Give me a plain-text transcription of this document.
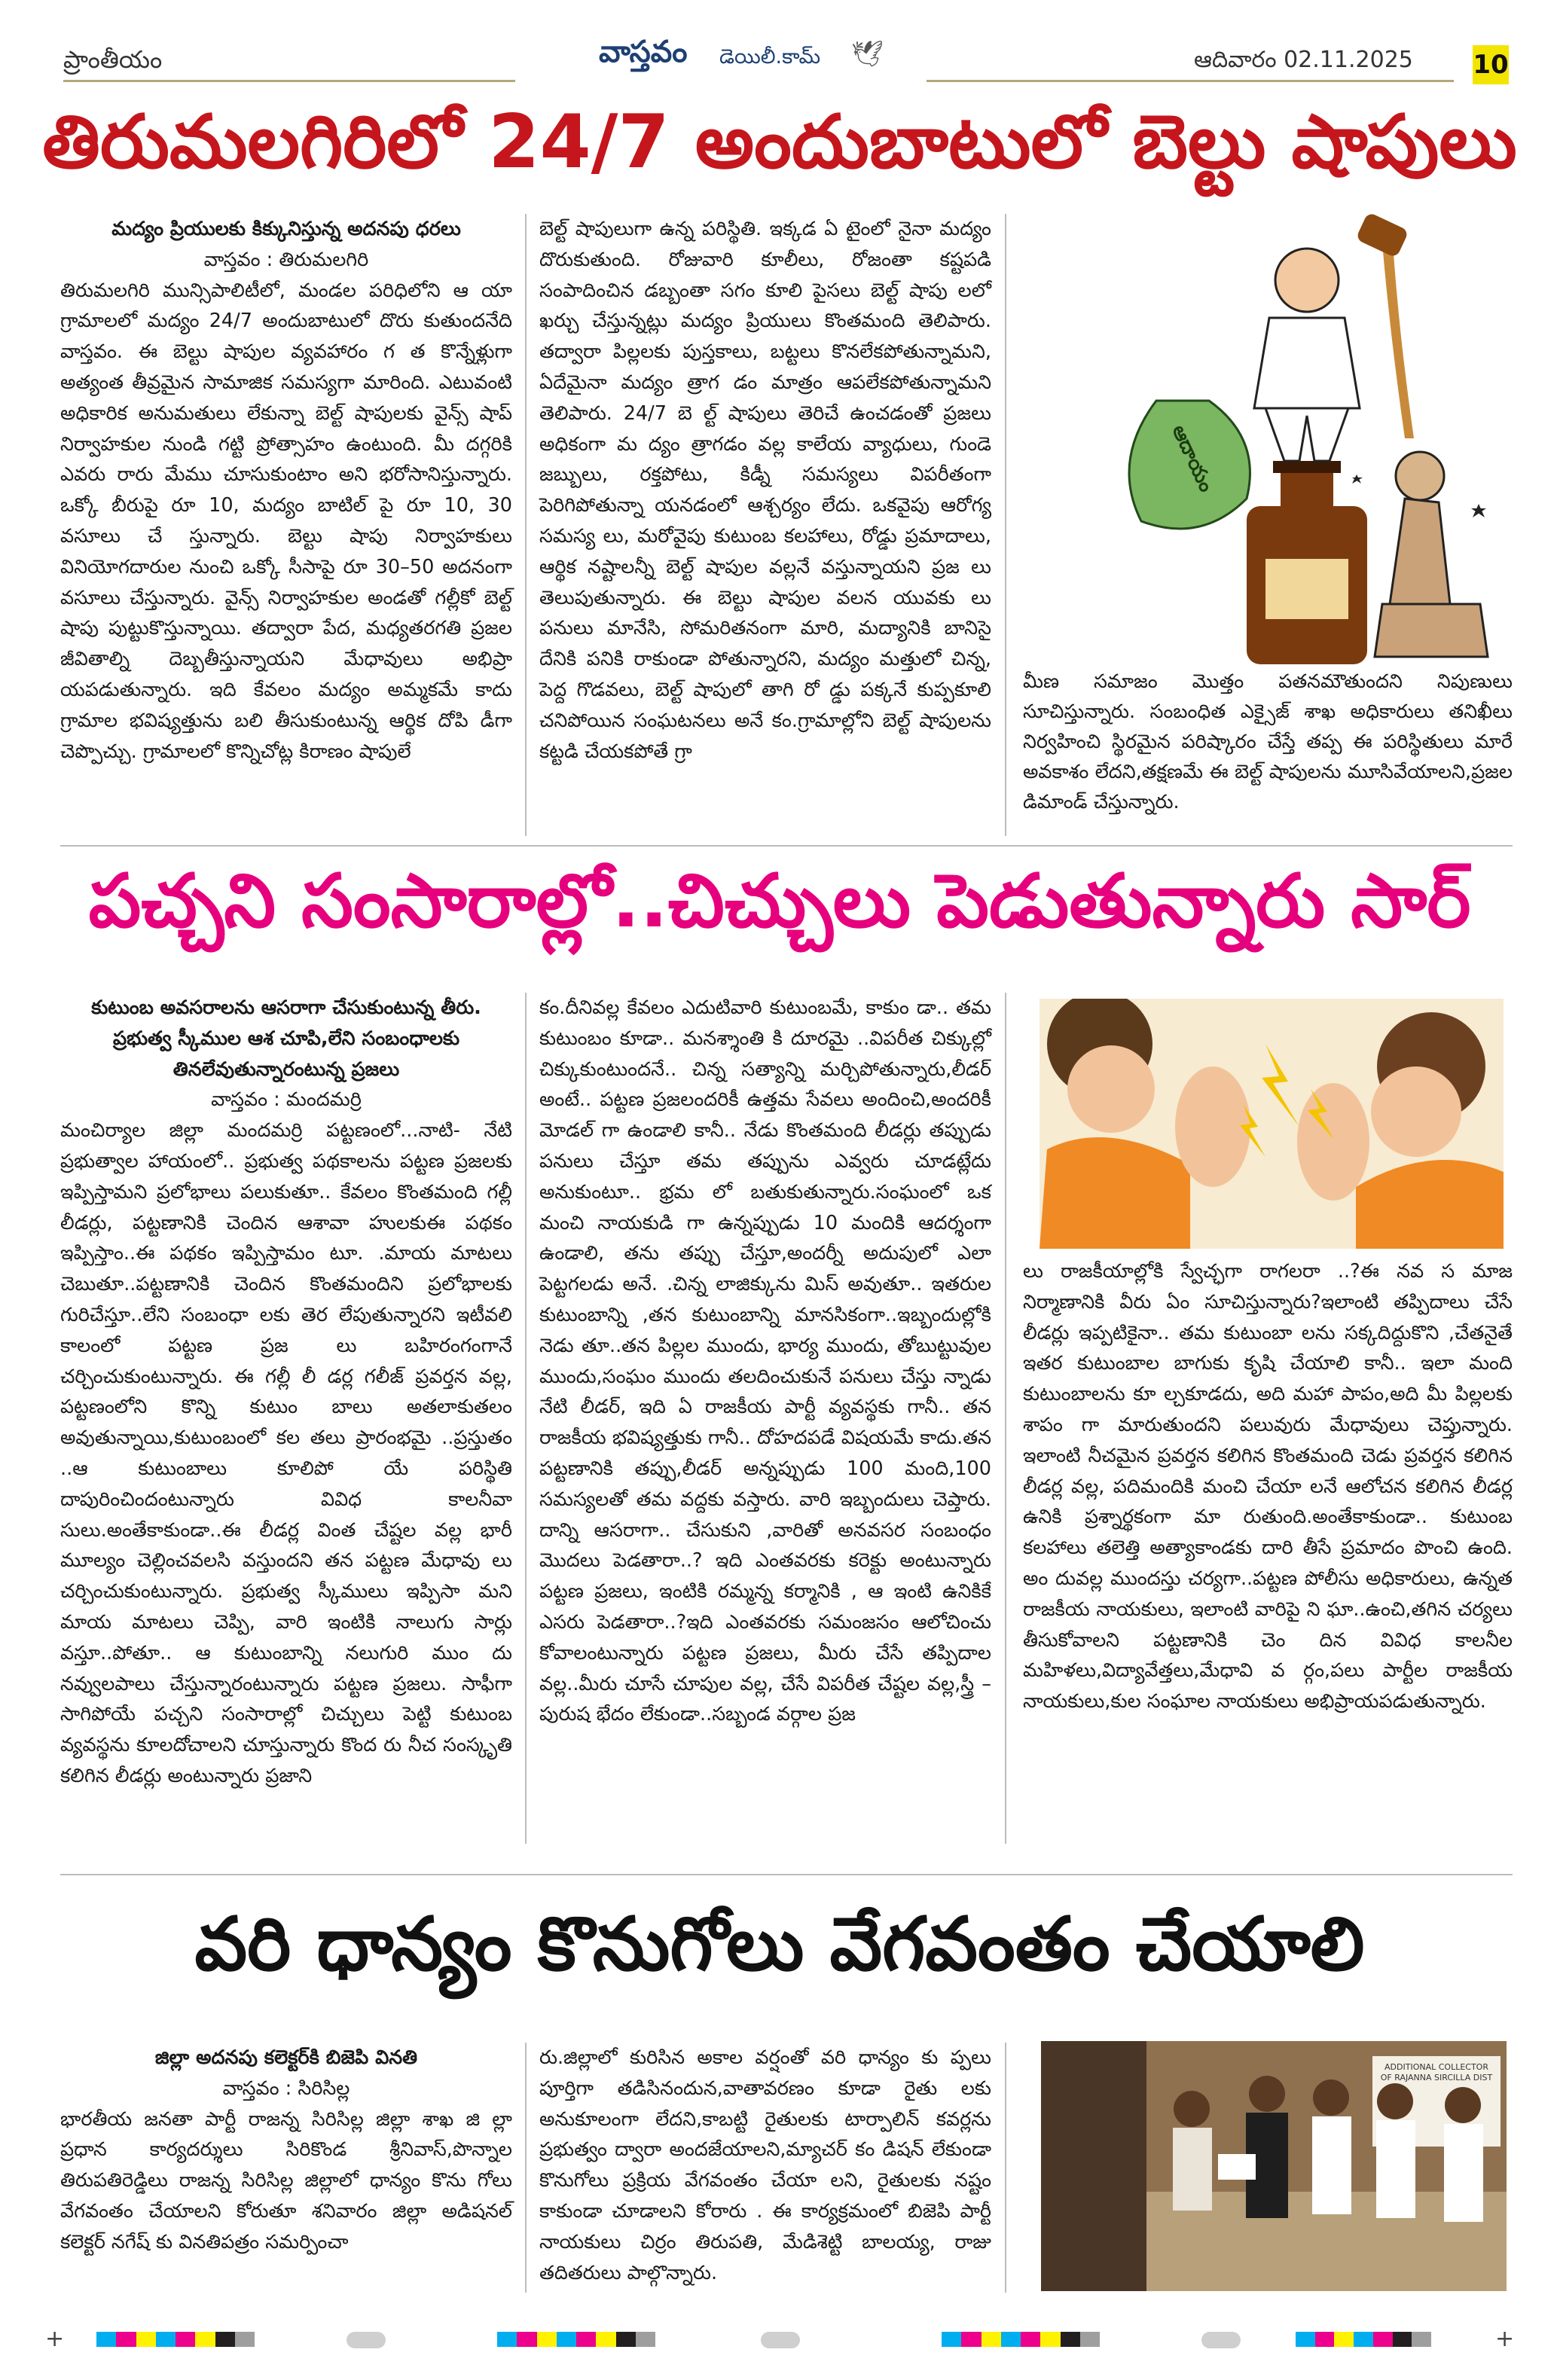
ప్రాంతీయం	వాస్తవం డెయిలీ.కామ్ 🕊	ఆదివారం 02.11.2025 10
తిరుమలగిరిలో 24/7 అందుబాటులో బెల్టు షాపులు

మద్యం ప్రియులకు కిక్కునిస్తున్న అదనపు ధరలు

వాస్తవం : తిరుమలగిరి

తిరుమలగిరి మున్సిపాలిటీలో, మండల పరిధిలోని ఆ యా గ్రామాలలో మద్యం 24/7 అందుబాటులో దొరు కుతుందనేది వాస్తవం. ఈ బెల్టు షాపుల వ్యవహారం గ త కొన్నేళ్లుగా అత్యంత తీవ్రమైన సామాజిక సమస్యగా మారింది. ఎటువంటి అధికారిక అనుమతులు లేకున్నా బెల్ట్ షాపులకు వైన్స్ షాప్ నిర్వాహకుల నుండి గట్టి ప్రోత్సాహం ఉంటుంది. మీ దగ్గరికి ఎవరు రారు మేము చూసుకుంటాం అని భరోసానిస్తున్నారు. ఒక్కో బీరుపై రూ 10, మద్యం బాటిల్ పై రూ 10, 30 వసూలు చే స్తున్నారు. బెల్టు షాపు నిర్వాహకులు వినియోగదారుల నుంచి ఒక్కో సీసాపై రూ 30–50 అదనంగా వసూలు చేస్తున్నారు. వైన్స్ నిర్వాహకుల అండతో గల్లీకో బెల్ట్ షాపు పుట్టుకొస్తున్నాయి. తద్వారా పేద, మధ్యతరగతి ప్రజల జీవితాల్ని దెబ్బతీస్తున్నాయని మేధావులు అభిప్రా యపడుతున్నారు. ఇది కేవలం మద్యం అమ్మకమే కాదు గ్రామాల భవిష్యత్తును బలి తీసుకుంటున్న ఆర్థిక దోపి డీగా చెప్పొచ్చు. గ్రామాలలో కొన్నిచోట్ల కిరాణం షాపులే

బెల్ట్ షాపులుగా ఉన్న పరిస్థితి. ఇక్కడ ఏ టైంలో నైనా మద్యం దొరుకుతుంది. రోజువారి కూలీలు, రోజంతా కష్టపడి సంపాదించిన డబ్బంతా సగం కూలి పైసలు బెల్ట్ షాపు లలో ఖర్చు చేస్తున్నట్లు మద్యం ప్రియులు కొంతమంది తెలిపారు. తద్వారా పిల్లలకు పుస్తకాలు, బట్టలు కొనలేకపోతున్నామని, ఏదేమైనా మద్యం త్రాగ డం మాత్రం ఆపలేకపోతున్నామని తెలిపారు. 24/7 బె ల్ట్ షాపులు తెరిచే ఉంచడంతో ప్రజలు అధికంగా మ ద్యం త్రాగడం వల్ల కాలేయ వ్యాధులు, గుండె జబ్బులు, రక్తపోటు, కిడ్నీ సమస్యలు విపరీతంగా పెరిగిపోతున్నా యనడంలో ఆశ్చర్యం లేదు. ఒకవైపు ఆరోగ్య సమస్య లు, మరోవైపు కుటుంబ కలహాలు, రోడ్డు ప్రమాదాలు, ఆర్థిక నష్టాలన్నీ బెల్ట్ షాపుల వల్లనే వస్తున్నాయని ప్రజ లు తెలుపుతున్నారు. ఈ బెల్టు షాపుల వలన యువకు లు పనులు మానేసి, సోమరితనంగా మారి, మద్యానికి బానిసై దేనికి పనికి రాకుండా పోతున్నారని, మద్యం మత్తులో చిన్న, పెద్ద గొడవలు, బెల్ట్ షాపులో తాగి రో డ్డు పక్కనే కుప్పకూలి చనిపోయిన సంఘటనలు అనే కం.గ్రామాల్లోని బెల్ట్ షాపులను కట్టడి చేయకపోతే గ్రా

ఆదాయం
మీణ సమాజం మొత్తం పతనమౌతుందని నిపుణులు సూచిస్తున్నారు. సంబంధిత ఎక్సైజ్ శాఖ అధికారులు తనిఖీలు నిర్వహించి స్థిరమైన పరిష్కారం చేస్తే తప్ప ఈ పరిస్థితులు మారే అవకాశం లేదని,తక్షణమే ఈ బెల్ట్ షాపులను మూసివేయాలని,ప్రజల డిమాండ్ చేస్తున్నారు.
పచ్చని సంసారాల్లో..చిచ్చులు పెడుతున్నారు సార్

కుటుంబ అవసరాలను ఆసరాగా చేసుకుంటున్న తీరు.

ప్రభుత్వ స్కీముల ఆశ చూపి,లేని సంబంధాలకు

తినలేవుతున్నారంటున్న ప్రజలు

వాస్తవం : మందమర్రి

మంచిర్యాల జిల్లా మందమర్రి పట్టణంలో...నాటి- నేటి ప్రభుత్వాల హాయంలో.. ప్రభుత్వ పథకాలను పట్టణ ప్రజలకు ఇప్పిస్తామని ప్రలోభాలు పలుకుతూ.. కేవలం కొంతమంది గల్లీ లీడర్లు, పట్టణానికి చెందిన ఆశావా హులకుఈ పథకం ఇప్పిస్తాం..ఈ పథకం ఇప్పిస్తామం టూ. .మాయ మాటలు చెబుతూ..పట్టణానికి చెందిన కొంతమందిని ప్రలోభాలకు గురిచేస్తూ..లేని సంబంధా లకు తెర లేపుతున్నారని ఇటీవలి కాలంలో పట్టణ ప్రజ లు బహిరంగంగానే చర్చించుకుంటున్నారు. ఈ గల్లీ లీ డర్ల గలీజ్ ప్రవర్తన వల్ల, పట్టణంలోని కొన్ని కుటుం బాలు అతలాకుతలం అవుతున్నాయి,కుటుంబంలో కల తలు ప్రారంభమై ..ప్రస్తుతం ..ఆ కుటుంబాలు కూలిపో యే పరిస్థితి దాపురించిందంటున్నారు వివిధ కాలనీవా సులు.అంతేకాకుండా..ఈ లీడర్ల వింత చేష్టల వల్ల భారీ మూల్యం చెల్లించవలసి వస్తుందని తన పట్టణ మేధావు లు చర్చించుకుంటున్నారు. ప్రభుత్వ స్కీములు ఇప్పిసా మని మాయ మాటలు చెప్పి, వారి ఇంటికి నాలుగు సార్లు వస్తూ..పోతూ.. ఆ కుటుంబాన్ని నలుగురి ముం దు నవ్వులపాలు చేస్తున్నారంటున్నారు పట్టణ ప్రజలు. సాఫీగా సాగిపోయే పచ్చని సంసారాల్లో చిచ్చులు పెట్టి కుటుంబ వ్యవస్థను కూలదోచాలని చూస్తున్నారు కొంద రు నీచ సంస్కృతి కలిగిన లీడర్లు అంటున్నారు ప్రజాని

కం.దీనివల్ల కేవలం ఎదుటివారి కుటుంబమే, కాకుం డా.. తమ కుటుంబం కూడా.. మనశ్శాంతి కి దూరమై ..విపరీత చిక్కుల్లో చిక్కుకుంటుందనే.. చిన్న సత్యాన్ని మర్చిపోతున్నారు,లీడర్ అంటే.. పట్టణ ప్రజలందరికీ ఉత్తమ సేవలు అందించి,అందరికీ మోడల్ గా ఉండాలి కానీ.. నేడు కొంతమంది లీడర్లు తప్పుడు పనులు చేస్తూ తమ తప్పును ఎవ్వరు చూడట్లేదు అనుకుంటూ.. భ్రమ లో బతుకుతున్నారు.సంఘంలో ఒక మంచి నాయకుడి గా ఉన్నప్పుడు 10 మందికి ఆదర్శంగా ఉండాలి, తను తప్పు చేస్తూ,అందర్నీ అదుపులో ఎలా పెట్టగలడు అనే. .చిన్న లాజిక్కును మిస్ అవుతూ.. ఇతరుల కుటుంబాన్ని ,తన కుటుంబాన్ని మానసికంగా..ఇబ్బందుల్లోకి నెడు తూ..తన పిల్లల ముందు, భార్య ముందు, తోబుట్టువుల ముందు,సంఘం ముందు తలదించుకునే పనులు చేస్తు న్నాడు నేటి లీడర్, ఇది ఏ రాజకీయ పార్టీ వ్యవస్థకు గానీ.. తన రాజకీయ భవిష్యత్తుకు గానీ.. దోహదపడే విషయమే కాదు.తన పట్టణానికి తప్పు,లీడర్ అన్నప్పుడు 100 మంది,100 సమస్యలతో తమ వద్దకు వస్తారు. వారి ఇబ్బందులు చెప్తారు. దాన్ని ఆసరాగా.. చేసుకుని ,వారితో అనవసర సంబంధం మొదలు పెడతారా..? ఇది ఎంతవరకు కరెక్టు అంటున్నారు పట్టణ ప్రజలు, ఇంటికి రమ్మన్న కర్మానికి , ఆ ఇంటి ఉనికికే ఎసరు పెడతారా..?ఇది ఎంతవరకు సమంజసం ఆలోచించు కోవాలంటున్నారు పట్టణ ప్రజలు, మీరు చేసే తప్పిదాల వల్ల..మీరు చూసే చూపుల వల్ల, చేసే విపరీత చేష్టల వల్ల,స్త్రీ –పురుష భేదం లేకుండా..సబ్బండ వర్గాల ప్రజ

లు రాజకీయాల్లోకి స్వేచ్ఛగా రాగలరా ..?ఈ నవ స మాజ నిర్మాణానికి వీరు ఏం సూచిస్తున్నారు?ఇలాంటి తప్పిదాలు చేసే లీడర్లు ఇప్పటికైనా.. తమ కుటుంబా లను సక్కదిద్దుకొని ,చేతనైతే ఇతర కుటుంబాల బాగుకు కృషి చేయాలి కానీ.. ఇలా మంది కుటుంబాలను కూ ల్చకూడదు, అది మహా పాపం,అది మీ పిల్లలకు శాపం గా మారుతుందని పలువురు మేధావులు చెప్తున్నారు. ఇలాంటి నీచమైన ప్రవర్తన కలిగిన కొంతమంది చెడు ప్రవర్తన కలిగిన లీడర్ల వల్ల, పదిమందికి మంచి చేయా లనే ఆలోచన కలిగిన లీడర్ల ఉనికి ప్రశ్నార్థకంగా మా రుతుంది.అంతేకాకుండా.. కుటుంబ కలహాలు తలెత్తి అత్యాకాండకు దారి తీసే ప్రమాదం పొంచి ఉంది. అం దువల్ల ముందస్తు చర్యగా..పట్టణ పోలీసు అధికారులు, ఉన్నత రాజకీయ నాయకులు, ఇలాంటి వారిపై ని ఘా..ఉంచి,తగిన చర్యలు తీసుకోవాలని పట్టణానికి చెం దిన వివిధ కాలనీల మహిళలు,విద్యావేత్తలు,మేధావి వ ర్గం,పలు పార్టీల రాజకీయ నాయకులు,కుల సంఘాల నాయకులు అభిప్రాయపడుతున్నారు.
వరి ధాన్యం కొనుగోలు వేగవంతం చేయాలి

జిల్లా అదనపు కలెక్టర్‌కి బిజెపి వినతి

వాస్తవం : సిరిసిల్ల

భారతీయ జనతా పార్టీ రాజన్న సిరిసిల్ల జిల్లా శాఖ జి ల్లా ప్రధాన కార్యదర్శులు సిరికొండ శ్రీనివాస్,పొన్నాల తిరుపతిరెడ్డిలు రాజన్న సిరిసిల్ల జిల్లాలో ధాన్యం కొను గోలు వేగవంతం చేయాలని కోరుతూ శనివారం జిల్లా అడిషనల్ కలెక్టర్ నగేష్ కు వినతిపత్రం సమర్పించా

రు.జిల్లాలో కురిసిన అకాల వర్షంతో వరి ధాన్యం కు ప్పలు పూర్తిగా తడిసినందున,వాతావరణం కూడా రైతు లకు అనుకూలంగా లేదని,కాబట్టి రైతులకు టార్పాలిన్ కవర్లను ప్రభుత్వం ద్వారా అందజేయాలని,మ్యాచర్ కం డిషన్ లేకుండా కొనుగోలు ప్రక్రియ వేగవంతం చేయా లని, రైతులకు నష్టం కాకుండా చూడాలని కోరారు . ఈ కార్యక్రమంలో బిజెపి పార్టీ నాయకులు చిర్రం తిరుపతి, మేడిశెట్టి బాలయ్య, రాజు తదితరులు పాల్గొన్నారు.

ADDITIONAL COLLECTOR OF RAJANNA SIRCILLA DIST
+	+
